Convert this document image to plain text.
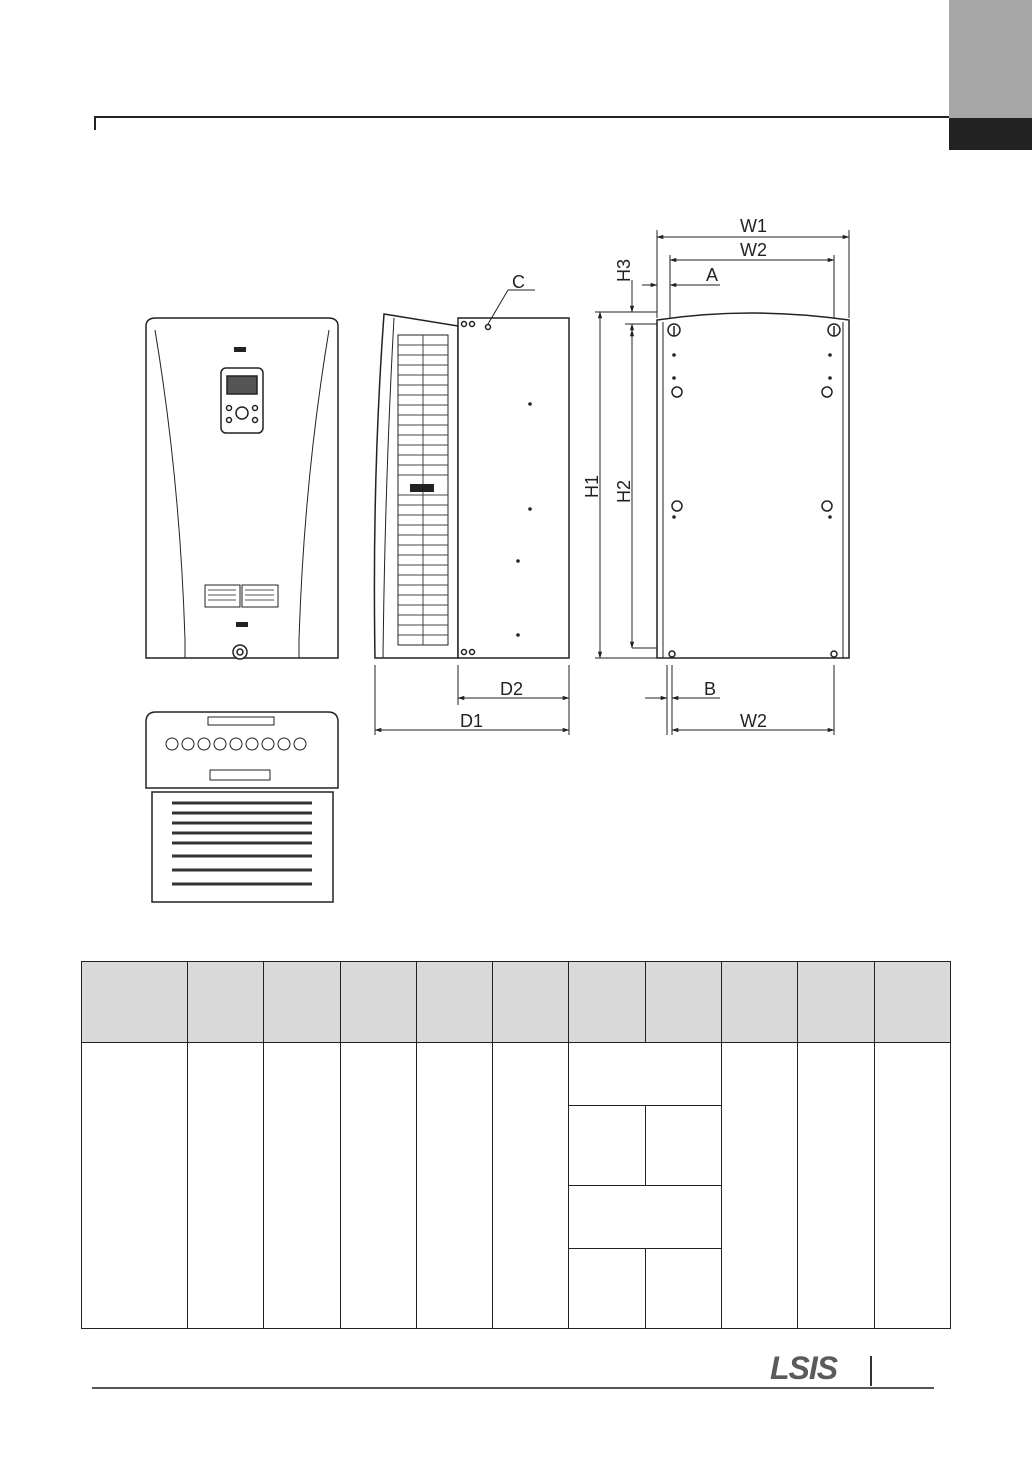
C
D2
D1
W1
W2
A
B
W2
H1 H2
H3

LSIS
